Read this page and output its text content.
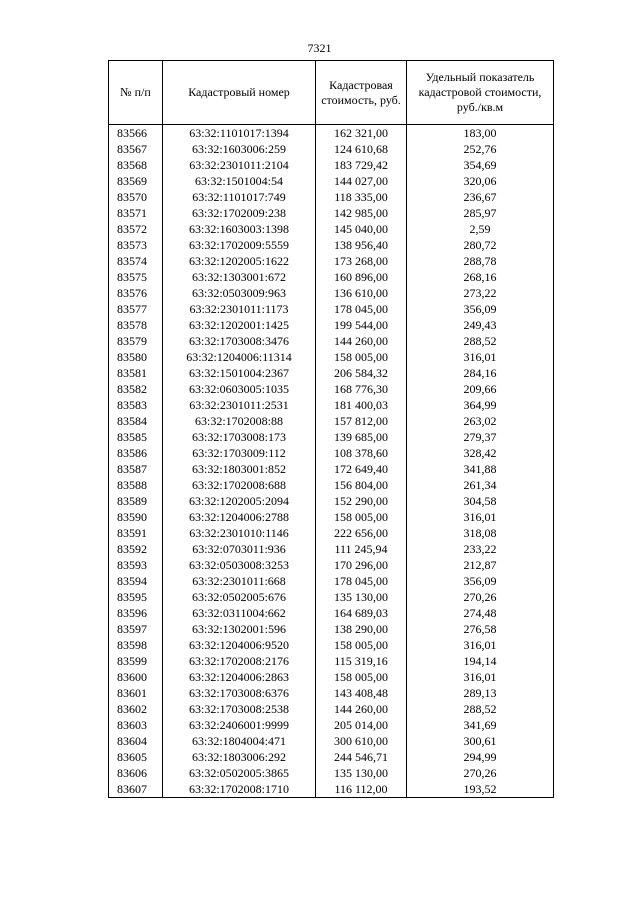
7321
№ п/п	Кадастровый номер	Кадастровая стоимость, руб.	Удельный показатель кадастровой стоимости, руб./кв.м
83566	63:32:1101017:1394	162 321,00	183,00
83567	63:32:1603006:259	124 610,68	252,76
83568	63:32:2301011:2104	183 729,42	354,69
83569	63:32:1501004:54	144 027,00	320,06
83570	63:32:1101017:749	118 335,00	236,67
83571	63:32:1702009:238	142 985,00	285,97
83572	63:32:1603003:1398	145 040,00	2,59
83573	63:32:1702009:5559	138 956,40	280,72
83574	63:32:1202005:1622	173 268,00	288,78
83575	63:32:1303001:672	160 896,00	268,16
83576	63:32:0503009:963	136 610,00	273,22
83577	63:32:2301011:1173	178 045,00	356,09
83578	63:32:1202001:1425	199 544,00	249,43
83579	63:32:1703008:3476	144 260,00	288,52
83580	63:32:1204006:11314	158 005,00	316,01
83581	63:32:1501004:2367	206 584,32	284,16
83582	63:32:0603005:1035	168 776,30	209,66
83583	63:32:2301011:2531	181 400,03	364,99
83584	63:32:1702008:88	157 812,00	263,02
83585	63:32:1703008:173	139 685,00	279,37
83586	63:32:1703009:112	108 378,60	328,42
83587	63:32:1803001:852	172 649,40	341,88
83588	63:32:1702008:688	156 804,00	261,34
83589	63:32:1202005:2094	152 290,00	304,58
83590	63:32:1204006:2788	158 005,00	316,01
83591	63:32:2301010:1146	222 656,00	318,08
83592	63:32:0703011:936	111 245,94	233,22
83593	63:32:0503008:3253	170 296,00	212,87
83594	63:32:2301011:668	178 045,00	356,09
83595	63:32:0502005:676	135 130,00	270,26
83596	63:32:0311004:662	164 689,03	274,48
83597	63:32:1302001:596	138 290,00	276,58
83598	63:32:1204006:9520	158 005,00	316,01
83599	63:32:1702008:2176	115 319,16	194,14
83600	63:32:1204006:2863	158 005,00	316,01
83601	63:32:1703008:6376	143 408,48	289,13
83602	63:32:1703008:2538	144 260,00	288,52
83603	63:32:2406001:9999	205 014,00	341,69
83604	63:32:1804004:471	300 610,00	300,61
83605	63:32:1803006:292	244 546,71	294,99
83606	63:32:0502005:3865	135 130,00	270,26
83607	63:32:1702008:1710	116 112,00	193,52
